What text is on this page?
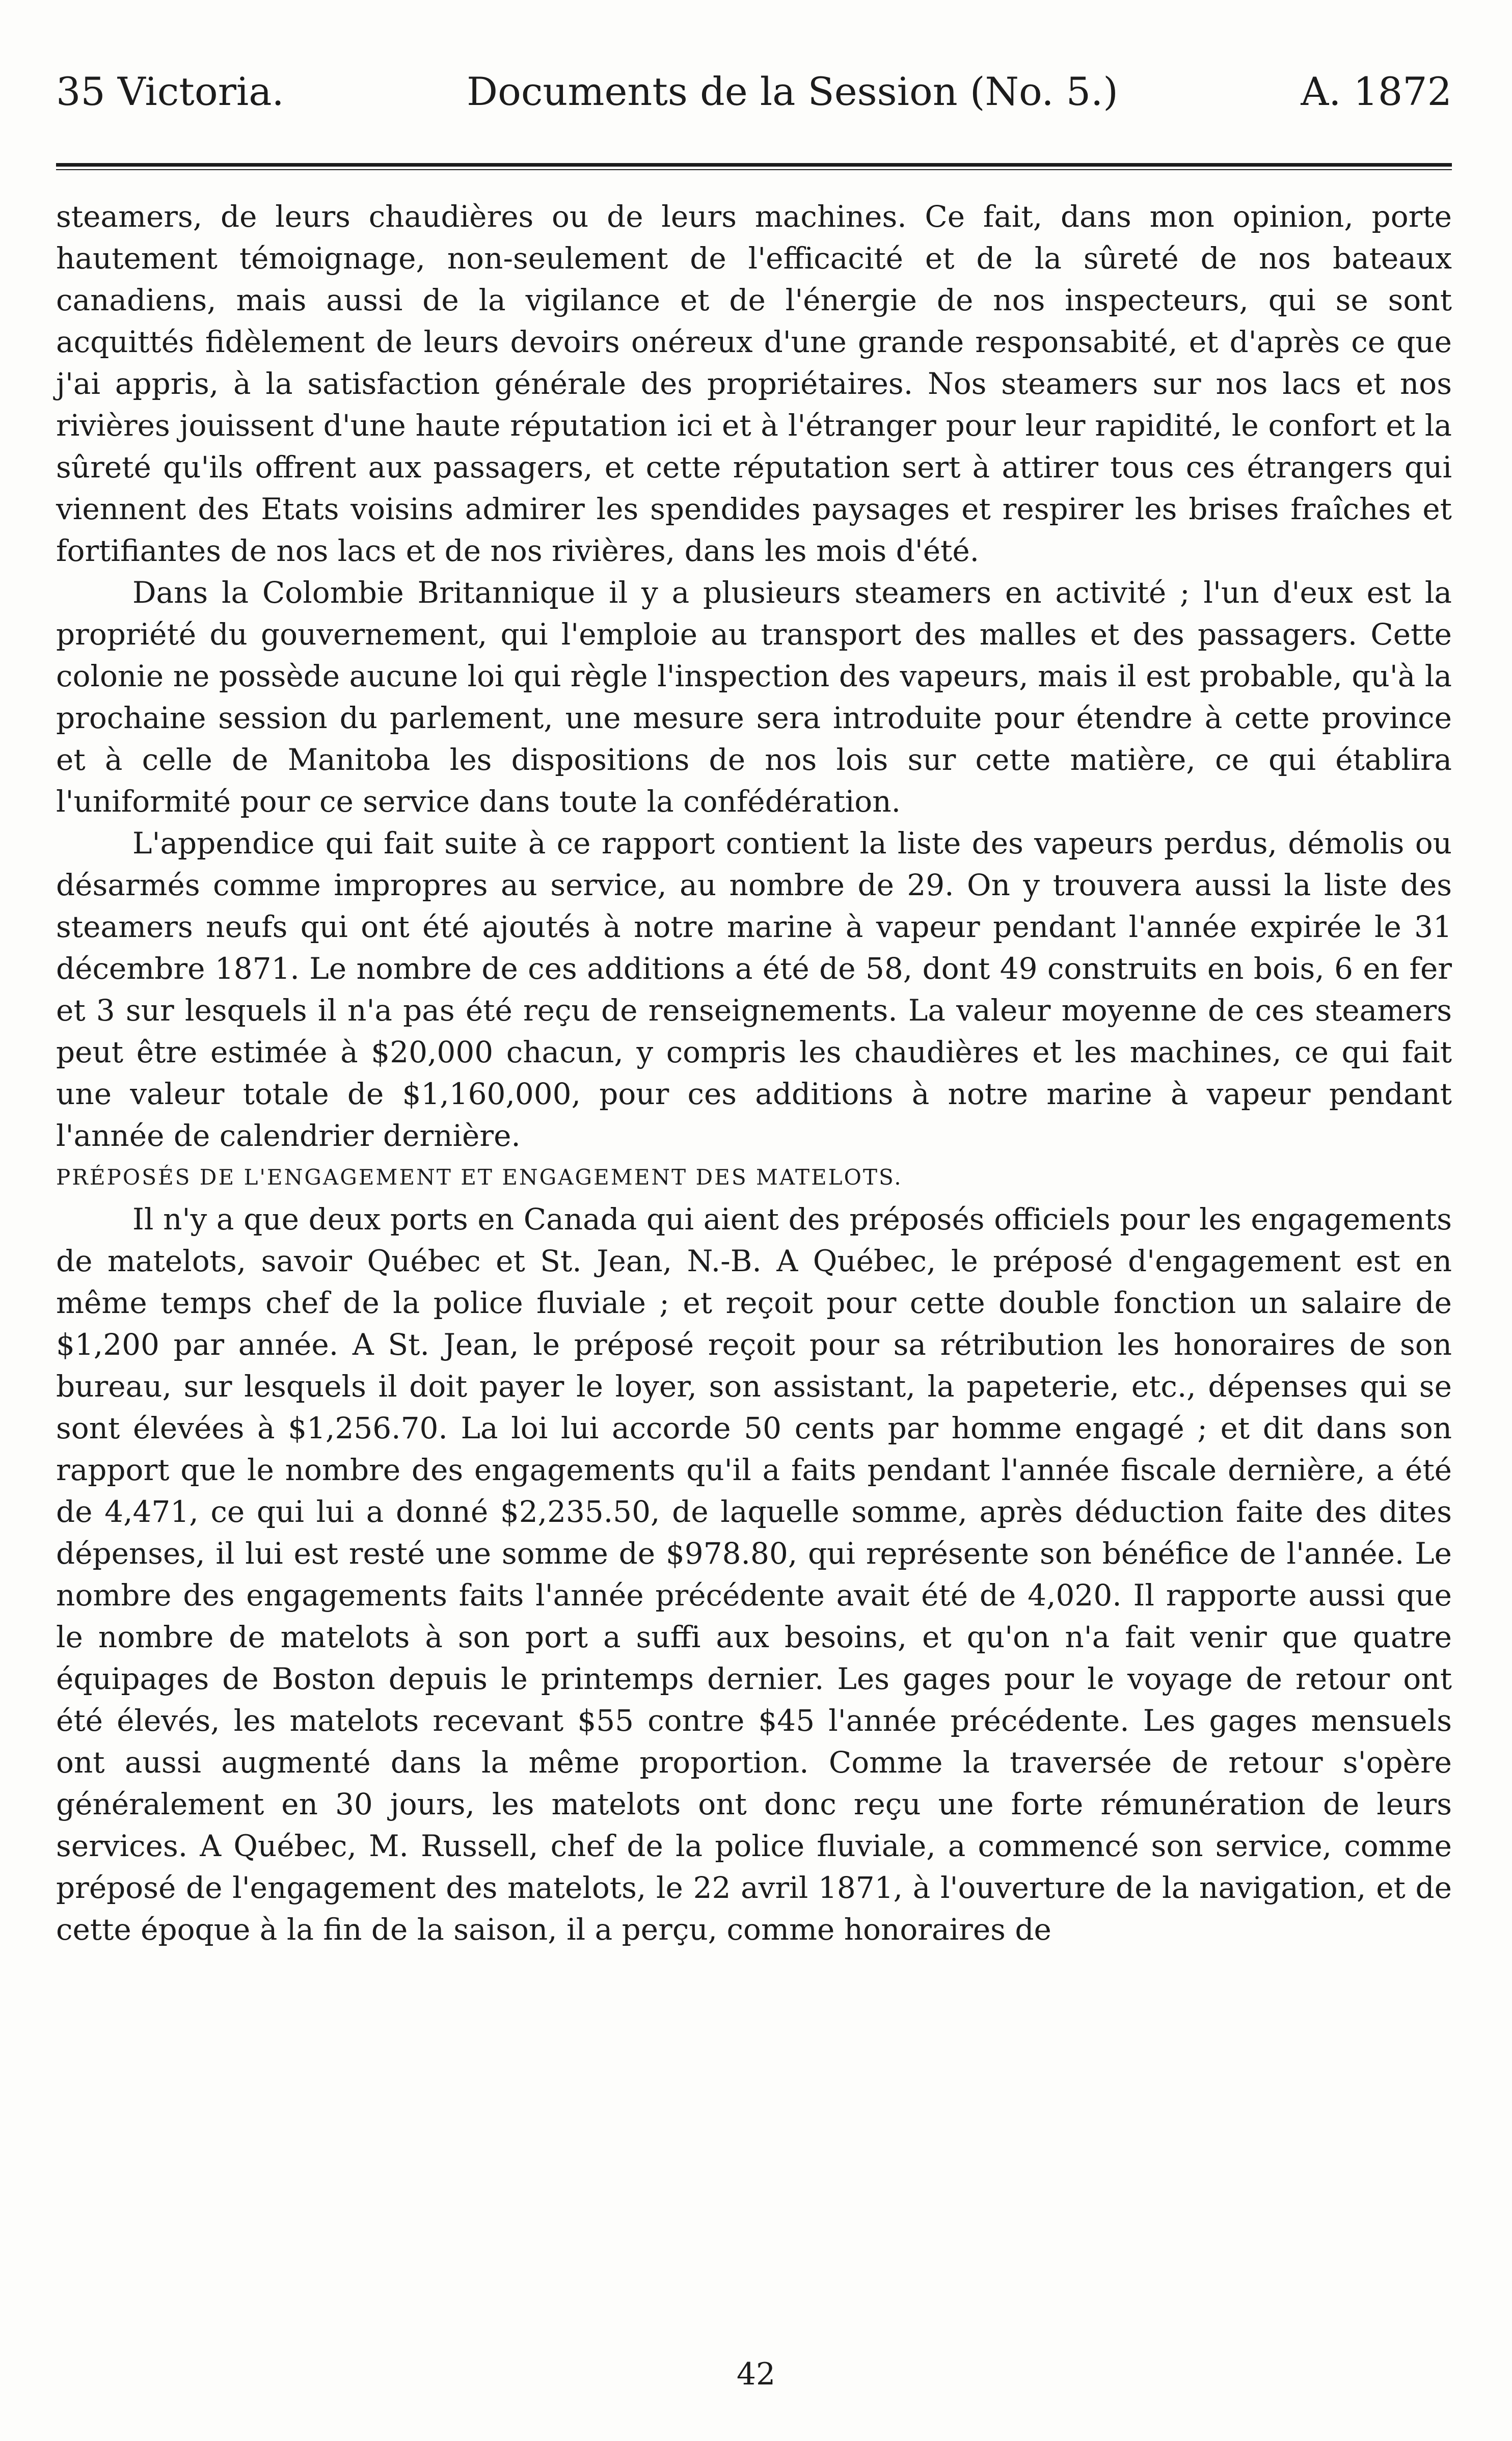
35 Victoria.	Documents de la Session (No. 5.)	A. 1872

steamers, de leurs chaudières ou de leurs machines. Ce fait, dans mon opinion, porte hautement témoignage, non-seulement de l'efficacité et de la sûreté de nos bateaux canadiens, mais aussi de la vigilance et de l'énergie de nos inspecteurs, qui se sont acquittés fidèlement de leurs devoirs onéreux d'une grande responsabité, et d'après ce que j'ai appris, à la satisfaction générale des propriétaires. Nos steamers sur nos lacs et nos rivières jouissent d'une haute réputation ici et à l'étranger pour leur rapidité, le confort et la sûreté qu'ils offrent aux passagers, et cette réputation sert à attirer tous ces étrangers qui viennent des Etats voisins admirer les spendides paysages et respirer les brises fraîches et fortifiantes de nos lacs et de nos rivières, dans les mois d'été.

Dans la Colombie Britannique il y a plusieurs steamers en activité ; l'un d'eux est la propriété du gouvernement, qui l'emploie au transport des malles et des passagers. Cette colonie ne possède aucune loi qui règle l'inspection des vapeurs, mais il est probable, qu'à la prochaine session du parlement, une mesure sera introduite pour étendre à cette province et à celle de Manitoba les dispositions de nos lois sur cette matière, ce qui établira l'uniformité pour ce service dans toute la confédération.

L'appendice qui fait suite à ce rapport contient la liste des vapeurs perdus, démolis ou désarmés comme impropres au service, au nombre de 29. On y trouvera aussi la liste des steamers neufs qui ont été ajoutés à notre marine à vapeur pendant l'année expirée le 31 décembre 1871. Le nombre de ces additions a été de 58, dont 49 construits en bois, 6 en fer et 3 sur lesquels il n'a pas été reçu de renseignements. La valeur moyenne de ces steamers peut être estimée à $20,000 chacun, y compris les chaudières et les machines, ce qui fait une valeur totale de $1,160,000, pour ces additions à notre marine à vapeur pendant l'année de calendrier dernière.

PRÉPOSÉS DE L'ENGAGEMENT ET ENGAGEMENT DES MATELOTS.

Il n'y a que deux ports en Canada qui aient des préposés officiels pour les engagements de matelots, savoir Québec et St. Jean, N.-B. A Québec, le préposé d'engagement est en même temps chef de la police fluviale ; et reçoit pour cette double fonction un salaire de $1,200 par année. A St. Jean, le préposé reçoit pour sa rétribution les honoraires de son bureau, sur lesquels il doit payer le loyer, son assistant, la papeterie, etc., dépenses qui se sont élevées à $1,256.70. La loi lui accorde 50 cents par homme engagé ; et dit dans son rapport que le nombre des engagements qu'il a faits pendant l'année fiscale dernière, a été de 4,471, ce qui lui a donné $2,235.50, de laquelle somme, après déduction faite des dites dépenses, il lui est resté une somme de $978.80, qui représente son bénéfice de l'année. Le nombre des engagements faits l'année précédente avait été de 4,020. Il rapporte aussi que le nombre de matelots à son port a suffi aux besoins, et qu'on n'a fait venir que quatre équipages de Boston depuis le printemps dernier. Les gages pour le voyage de retour ont été élevés, les matelots recevant $55 contre $45 l'année précédente. Les gages mensuels ont aussi augmenté dans la même proportion. Comme la traversée de retour s'opère généralement en 30 jours, les matelots ont donc reçu une forte rémunération de leurs services. A Québec, M. Russell, chef de la police fluviale, a commencé son service, comme préposé de l'engagement des matelots, le 22 avril 1871, à l'ouverture de la navigation, et de cette époque à la fin de la saison, il a perçu, comme honoraires de

42
